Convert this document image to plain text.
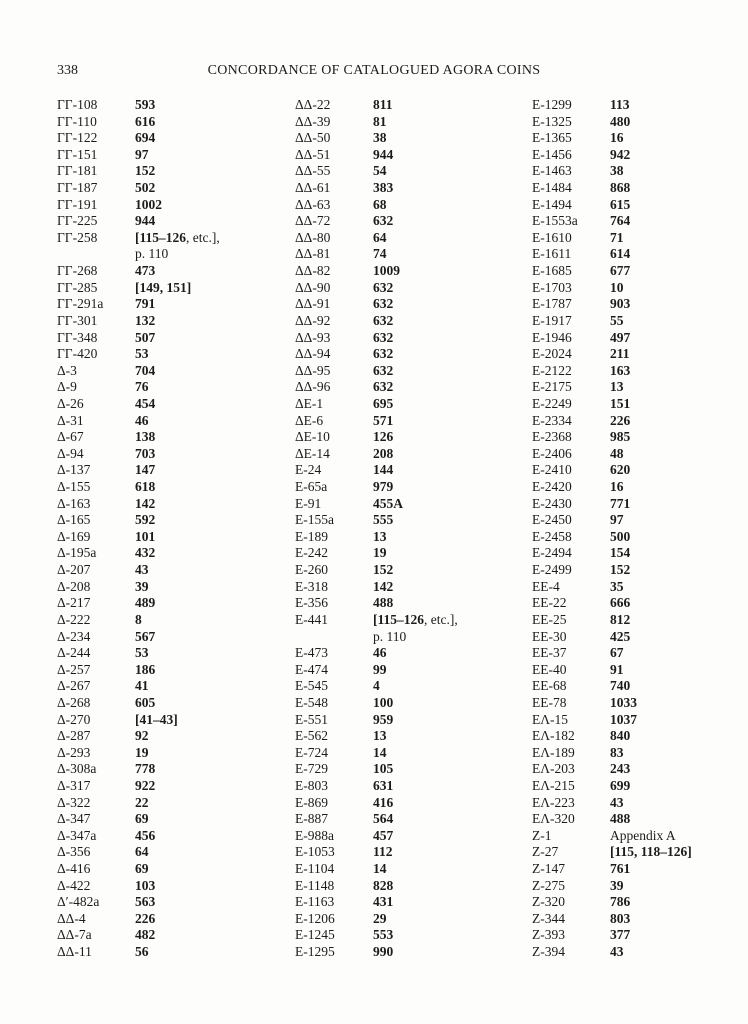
338	CONCORDANCE OF CATALOGUED AGORA COINS
ΓΓ-108	593
ΓΓ-110	616
ΓΓ-122	694
ΓΓ-151	97
ΓΓ-181	152
ΓΓ-187	502
ΓΓ-191	1002
ΓΓ-225	944
ΓΓ-258	[115–126, etc.],
p. 110
ΓΓ-268	473
ΓΓ-285	[149, 151]
ΓΓ-291a	791
ΓΓ-301	132
ΓΓ-348	507
ΓΓ-420	53
Δ-3	704
Δ-9	76
Δ-26	454
Δ-31	46
Δ-67	138
Δ-94	703
Δ-137	147
Δ-155	618
Δ-163	142
Δ-165	592
Δ-169	101
Δ-195a	432
Δ-207	43
Δ-208	39
Δ-217	489
Δ-222	8
Δ-234	567
Δ-244	53
Δ-257	186
Δ-267	41
Δ-268	605
Δ-270	[41–43]
Δ-287	92
Δ-293	19
Δ-308a	778
Δ-317	922
Δ-322	22
Δ-347	69
Δ-347a	456
Δ-356	64
Δ-416	69
Δ-422	103
Δ′-482a	563
ΔΔ-4	226
ΔΔ-7a	482
ΔΔ-11	56
ΔΔ-22	811
ΔΔ-39	81
ΔΔ-50	38
ΔΔ-51	944
ΔΔ-55	54
ΔΔ-61	383
ΔΔ-63	68
ΔΔ-72	632
ΔΔ-80	64
ΔΔ-81	74
ΔΔ-82	1009
ΔΔ-90	632
ΔΔ-91	632
ΔΔ-92	632
ΔΔ-93	632
ΔΔ-94	632
ΔΔ-95	632
ΔΔ-96	632
ΔΕ-1	695
ΔΕ-6	571
ΔΕ-10	126
ΔΕ-14	208
Ε-24	144
Ε-65a	979
Ε-91	455A
Ε-155a	555
Ε-189	13
Ε-242	19
Ε-260	152
Ε-318	142
Ε-356	488
Ε-441	[115–126, etc.],
p. 110
Ε-473	46
Ε-474	99
Ε-545	4
Ε-548	100
Ε-551	959
Ε-562	13
Ε-724	14
Ε-729	105
Ε-803	631
Ε-869	416
Ε-887	564
Ε-988a	457
Ε-1053	112
Ε-1104	14
Ε-1148	828
Ε-1163	431
Ε-1206	29
Ε-1245	553
Ε-1295	990
Ε-1299	113
Ε-1325	480
Ε-1365	16
Ε-1456	942
Ε-1463	38
Ε-1484	868
Ε-1494	615
Ε-1553a	764
Ε-1610	71
Ε-1611	614
Ε-1685	677
Ε-1703	10
Ε-1787	903
Ε-1917	55
Ε-1946	497
Ε-2024	211
Ε-2122	163
Ε-2175	13
Ε-2249	151
Ε-2334	226
Ε-2368	985
Ε-2406	48
Ε-2410	620
Ε-2420	16
Ε-2430	771
Ε-2450	97
Ε-2458	500
Ε-2494	154
Ε-2499	152
ΕΕ-4	35
ΕΕ-22	666
ΕΕ-25	812
ΕΕ-30	425
ΕΕ-37	67
ΕΕ-40	91
ΕΕ-68	740
ΕΕ-78	1033
ΕΛ-15	1037
ΕΛ-182	840
ΕΛ-189	83
ΕΛ-203	243
ΕΛ-215	699
ΕΛ-223	43
ΕΛ-320	488
Ζ-1	Appendix A
Ζ-27	[115, 118–126]
Ζ-147	761
Ζ-275	39
Ζ-320	786
Ζ-344	803
Ζ-393	377
Ζ-394	43
